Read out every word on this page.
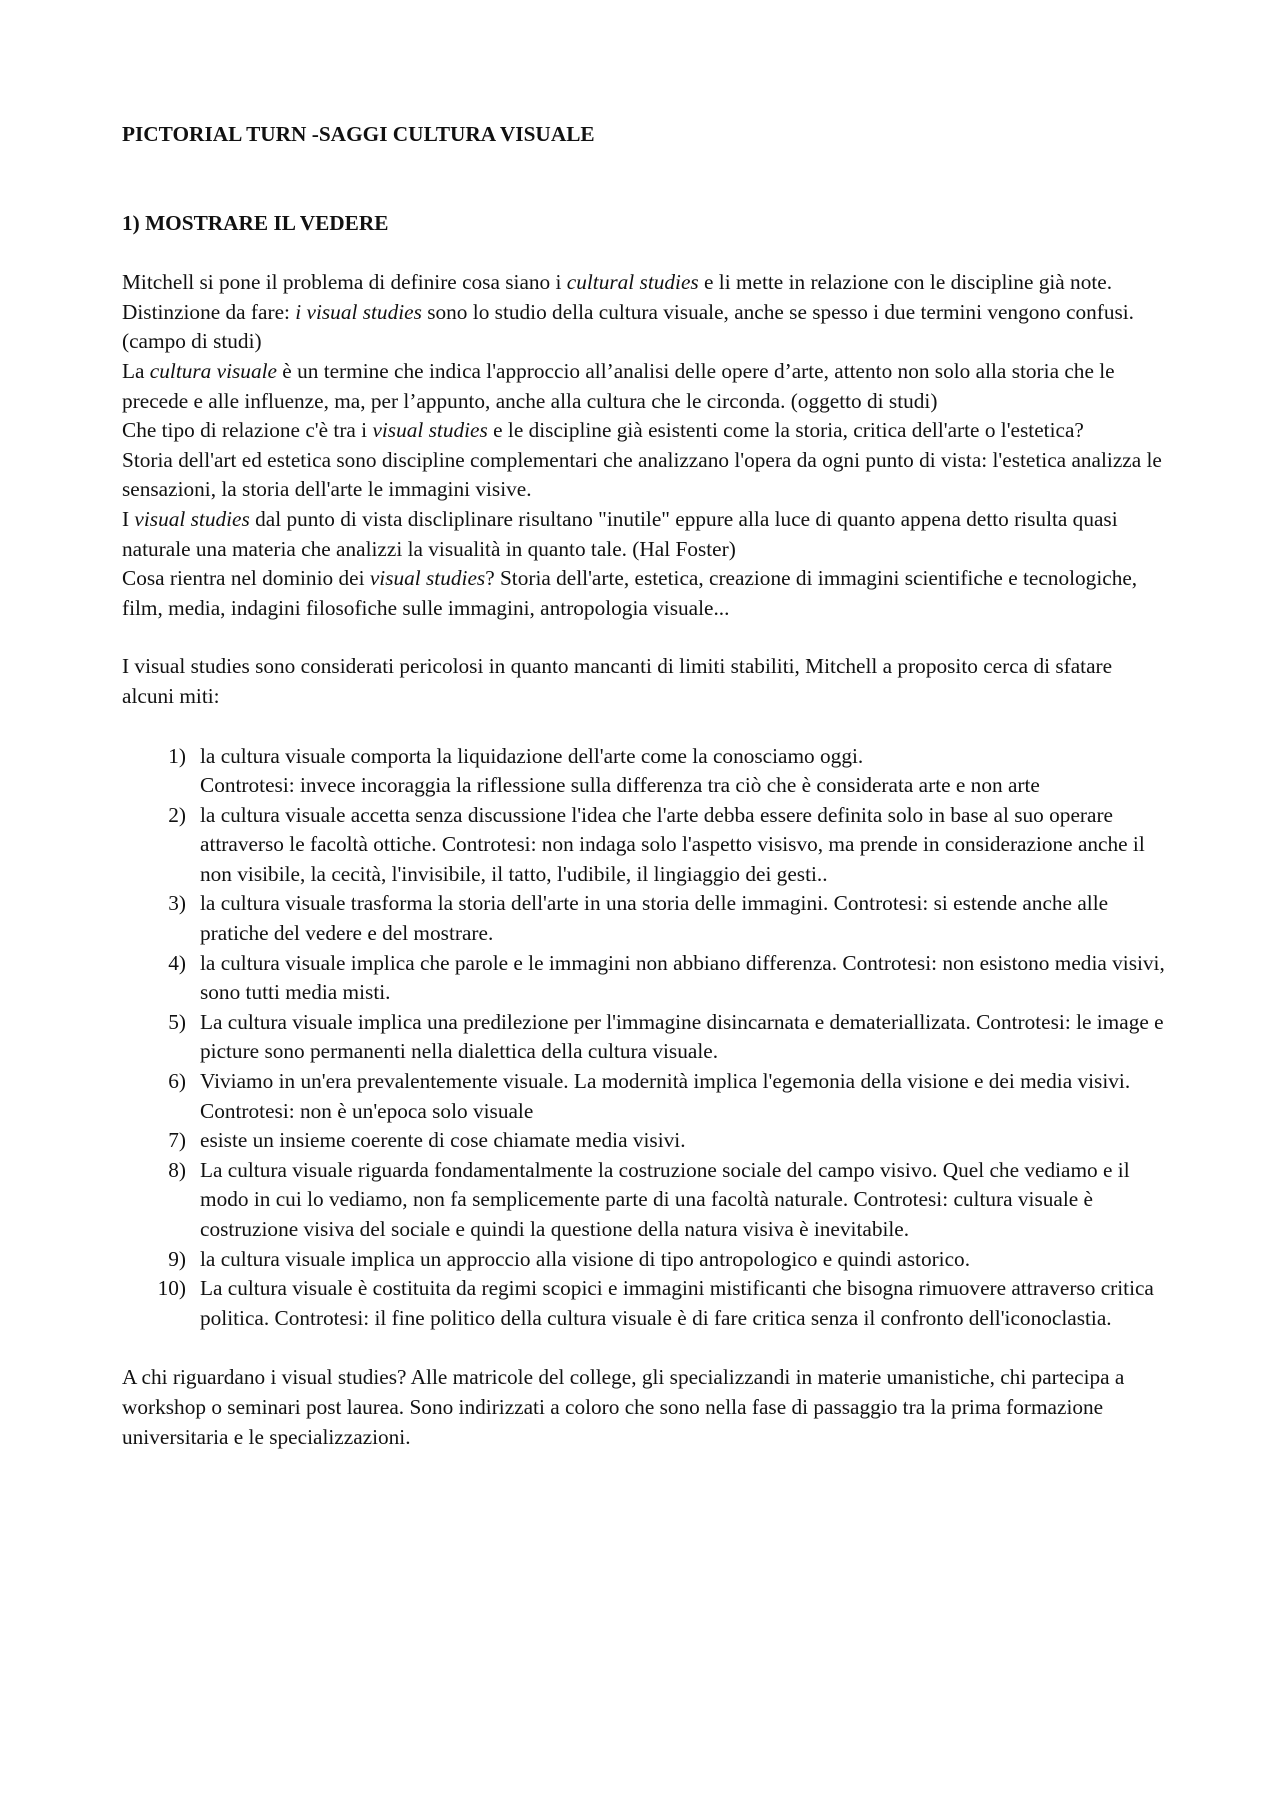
PICTORIAL TURN -SAGGI CULTURA VISUALE

1) MOSTRARE IL VEDERE

Mitchell si pone il problema di definire cosa siano i cultural studies e li mette in relazione con le discipline già note.

Distinzione da fare: i visual studies sono lo studio della cultura visuale, anche se spesso i due termini vengono confusi. (campo di studi)

La cultura visuale è un termine che indica l'approccio all’analisi delle opere d’arte, attento non solo alla storia che le precede e alle influenze, ma, per l’appunto, anche alla cultura che le circonda. (oggetto di studi)

Che tipo di relazione c'è tra i visual studies e le discipline già esistenti come la storia, critica dell'arte o l'estetica?

Storia dell'art ed estetica sono discipline complementari che analizzano l'opera da ogni punto di vista: l'estetica analizza le sensazioni, la storia dell'arte le immagini visive.

I visual studies dal punto di vista discliplinare risultano "inutile" eppure alla luce di quanto appena detto risulta quasi naturale una materia che analizzi la visualità in quanto tale. (Hal Foster)

Cosa rientra nel dominio dei visual studies? Storia dell'arte, estetica, creazione di immagini scientifiche e tecnologiche, film, media, indagini filosofiche sulle immagini, antropologia visuale...

I visual studies sono considerati pericolosi in quanto mancanti di limiti stabiliti, Mitchell a proposito cerca di sfatare alcuni miti:

1) la cultura visuale comporta la liquidazione dell'arte come la conosciamo oggi.
Controtesi: invece incoraggia la riflessione sulla differenza tra ciò che è considerata arte e non arte
2) la cultura visuale accetta senza discussione l'idea che l'arte debba essere definita solo in base al suo operare attraverso le facoltà ottiche. Controtesi: non indaga solo l'aspetto visisvo, ma prende in considerazione anche il non visibile, la cecità, l'invisibile, il tatto, l'udibile, il lingiaggio dei gesti..
3) la cultura visuale trasforma la storia dell'arte in una storia delle immagini. Controtesi: si estende anche alle pratiche del vedere e del mostrare.
4) la cultura visuale implica che parole e le immagini non abbiano differenza. Controtesi: non esistono media visivi, sono tutti media misti.
5) La cultura visuale implica una predilezione per l'immagine disincarnata e demateriallizata. Controtesi: le image e picture sono permanenti nella dialettica della cultura visuale.
6) Viviamo in un'era prevalentemente visuale. La modernità implica l'egemonia della visione e dei media visivi. Controtesi: non è un'epoca solo visuale
7) esiste un insieme coerente di cose chiamate media visivi.
8) La cultura visuale riguarda fondamentalmente la costruzione sociale del campo visivo. Quel che vediamo e il modo in cui lo vediamo, non fa semplicemente parte di una facoltà naturale. Controtesi: cultura visuale è costruzione visiva del sociale e quindi la questione della natura visiva è inevitabile.
9) la cultura visuale implica un approccio alla visione di tipo antropologico e quindi astorico.
10) La cultura visuale è costituita da regimi scopici e immagini mistificanti che bisogna rimuovere attraverso critica politica. Controtesi: il fine politico della cultura visuale è di fare critica senza il confronto dell'iconoclastia.

A chi riguardano i visual studies? Alle matricole del college, gli specializzandi in materie umanistiche, chi partecipa a workshop o seminari post laurea. Sono indirizzati a coloro che sono nella fase di passaggio tra la prima formazione universitaria e le specializzazioni.
